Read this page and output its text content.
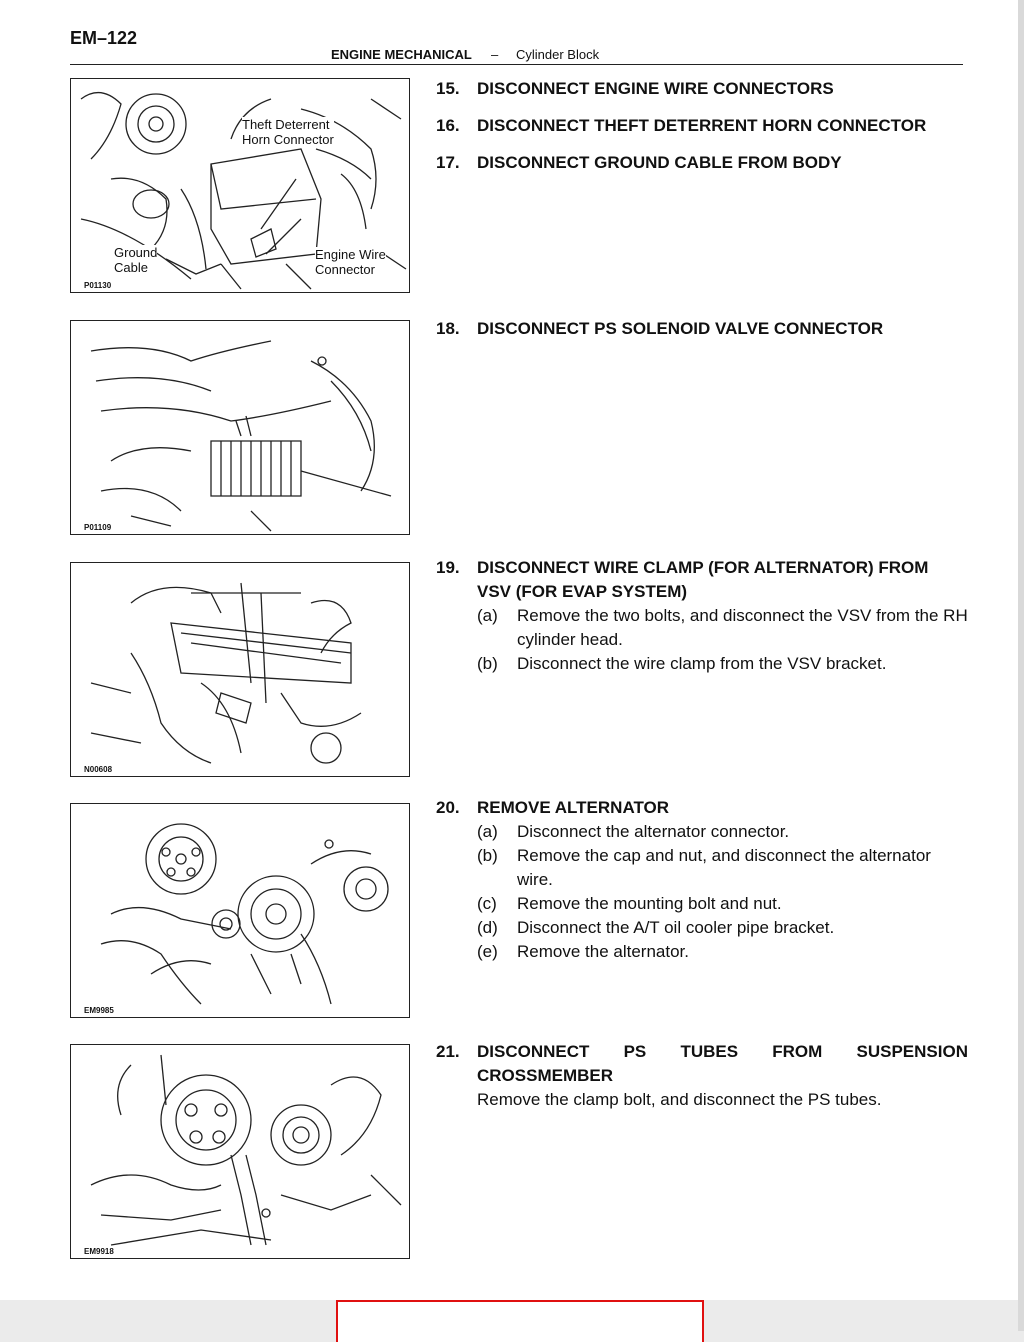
EM–122
ENGINE MECHANICAL – Cylinder Block
Theft Deterrent
Horn Connector
Ground
Cable
Engine Wire
Connector
P01130
P01109
N00608
EM9985
EM9918
15.	DISCONNECT ENGINE WIRE CONNECTORS
16.	DISCONNECT THEFT DETERRENT HORN CONNECTOR
17.	DISCONNECT GROUND CABLE FROM BODY
18.	DISCONNECT PS SOLENOID VALVE CONNECTOR
19.	DISCONNECT WIRE CLAMP (FOR ALTERNATOR) FROM
VSV (FOR EVAP SYSTEM)
(a)	Remove the two bolts, and disconnect the VSV from the RH cylinder head.
(b)	Disconnect the wire clamp from the VSV bracket.
20.	REMOVE ALTERNATOR
(a)	Disconnect the alternator connector.
(b)	Remove the cap and nut, and disconnect the alternator wire.
(c)	Remove the mounting bolt and nut.
(d)	Disconnect the A/T oil cooler pipe bracket.
(e)	Remove the alternator.
21.	DISCONNECT PS TUBES FROM SUSPENSION
CROSSMEMBER
Remove the clamp bolt, and disconnect the PS tubes.
